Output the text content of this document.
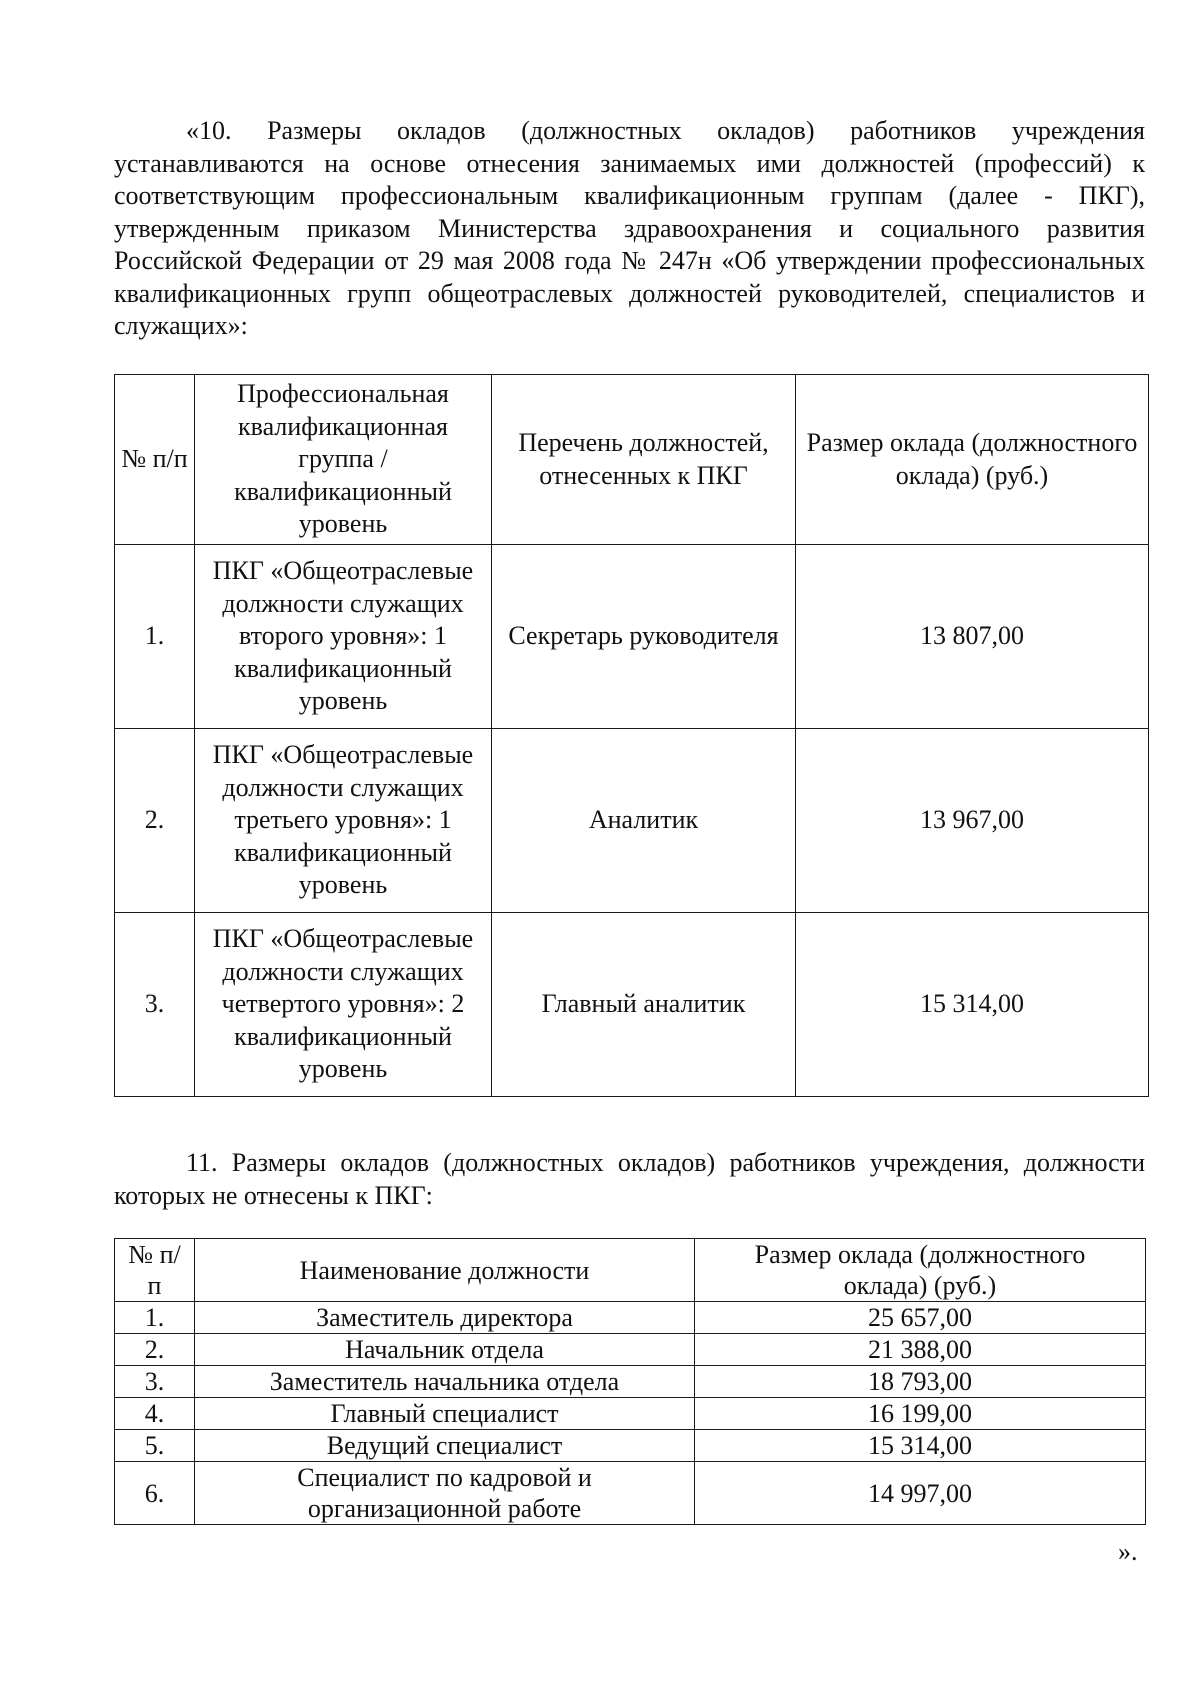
«10. Размеры окладов (должностных окладов) работников учреждения устанавливаются на основе отнесения занимаемых ими должностей (профессий) к соответствующим профессиональным квалификационным группам (далее - ПКГ), утвержденным приказом Министерства здравоохранения и социального развития Российской Федерации от 29 мая 2008 года № 247н «Об утверждении профессиональных квалификационных групп общеотраслевых должностей руководителей, специалистов и служащих»:

№ п/п	Профессиональная квалификационная группа / квалификационный уровень	Перечень должностей, отнесенных к ПКГ	Размер оклада (должностного оклада) (руб.)
1.	ПКГ «Общеотраслевые должности служащих второго уровня»: 1 квалификационный уровень	Секретарь руководителя	13 807,00
2.	ПКГ «Общеотраслевые должности служащих третьего уровня»: 1 квалификационный уровень	Аналитик	13 967,00
3.	ПКГ «Общеотраслевые должности служащих четвертого уровня»: 2 квалификационный уровень	Главный аналитик	15 314,00

11. Размеры окладов (должностных окладов) работников учреждения, должности которых не отнесены к ПКГ:

№ п/п	Наименование должности	Размер оклада (должностного оклада) (руб.)
1.	Заместитель директора	25 657,00
2.	Начальник отдела	21 388,00
3.	Заместитель начальника отдела	18 793,00
4.	Главный специалист	16 199,00
5.	Ведущий специалист	15 314,00
6.	Специалист по кадровой и организационной работе	14 997,00
».
